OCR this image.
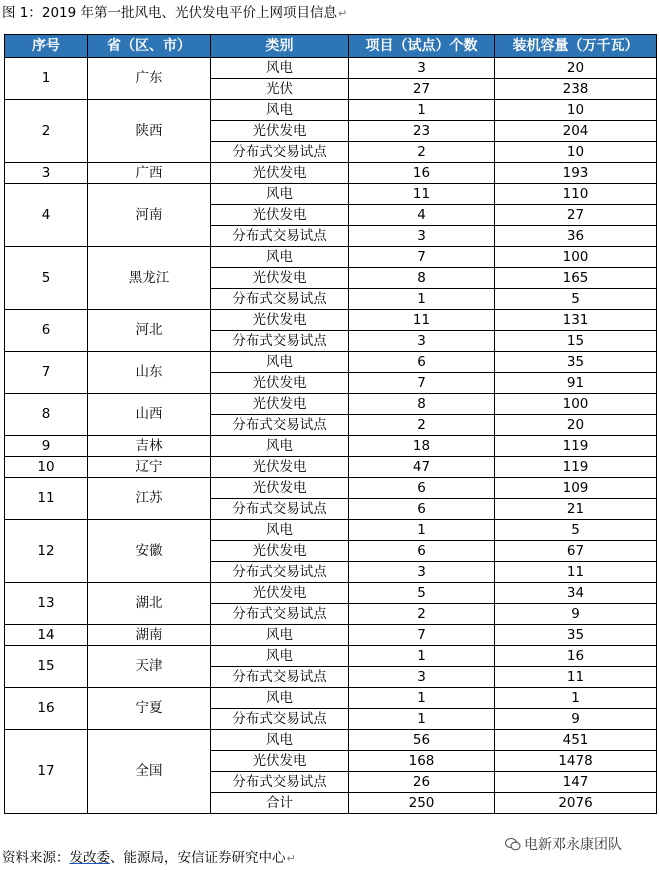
图 1：2019 年第一批风电、光伏发电平价上网项目信息↵
序号	省（区、市）	类别	项目（试点）个数	装机容量（万千瓦）
1	广东	风电	3	20
		光伏	27	238
2	陕西	风电	1	10
		光伏发电	23	204
		分布式交易试点	2	10
3	广西	光伏发电	16	193
4	河南	风电	11	110
		光伏发电	4	27
		分布式交易试点	3	36
5	黑龙江	风电	7	100
		光伏发电	8	165
		分布式交易试点	1	5
6	河北	光伏发电	11	131
		分布式交易试点	3	15
7	山东	风电	6	35
		光伏发电	7	91
8	山西	光伏发电	8	100
		分布式交易试点	2	20
9	吉林	风电	18	119
10	辽宁	光伏发电	47	119
11	江苏	光伏发电	6	109
		分布式交易试点	6	21
12	安徽	风电	1	5
		光伏发电	6	67
		分布式交易试点	3	11
13	湖北	光伏发电	5	34
		分布式交易试点	2	9
14	湖南	风电	7	35
15	天津	风电	1	16
		分布式交易试点	3	11
16	宁夏	风电	1	1
		分布式交易试点	1	9
17	全国	风电	56	451
		光伏发电	168	1478
		分布式交易试点	26	147
		合计	250	2076
资料来源：发改委、能源局，安信证券研究中心↵
电新邓永康团队
